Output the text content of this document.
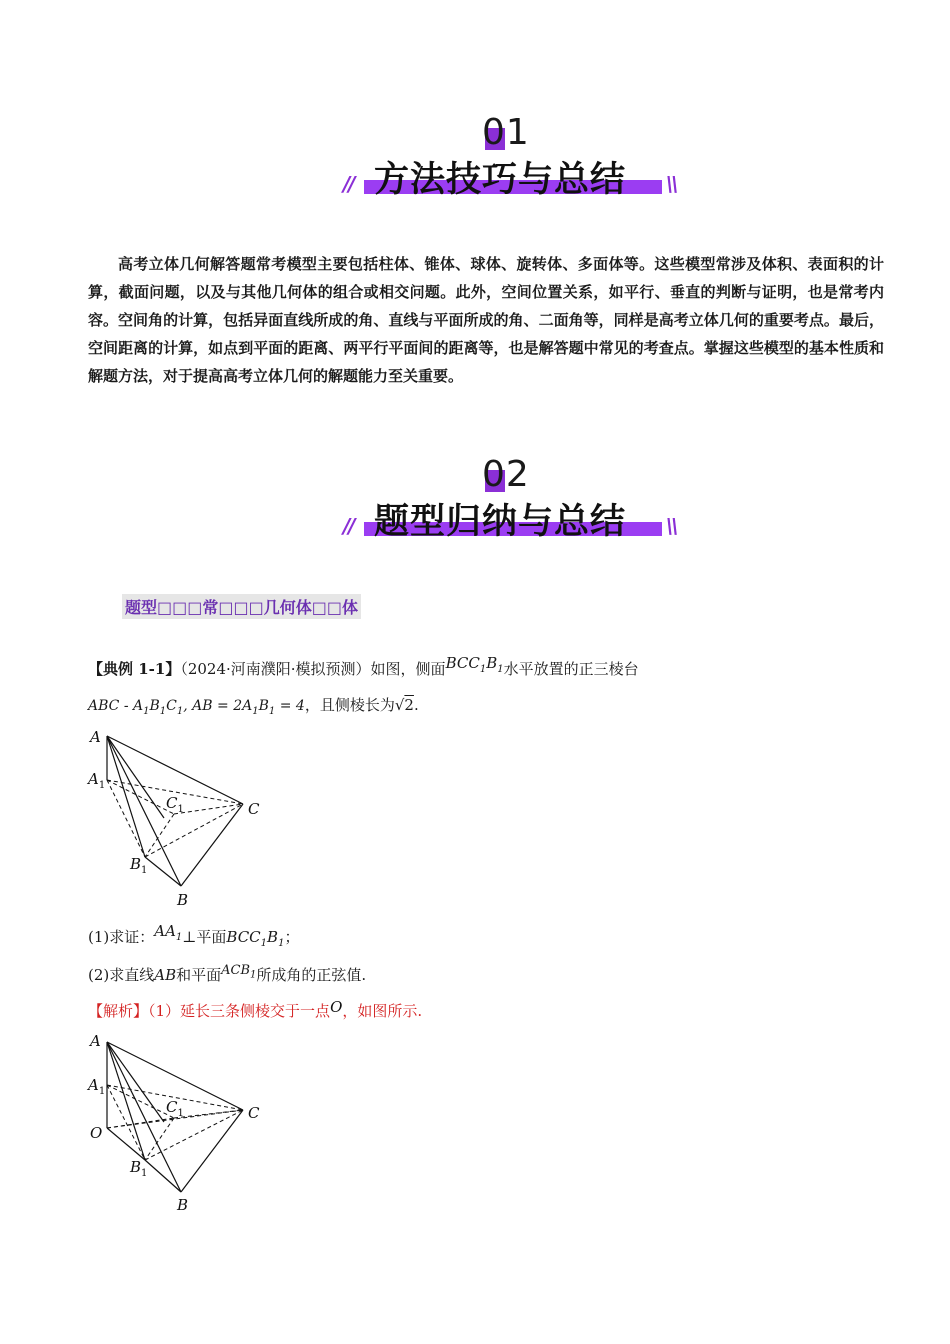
01
//	\\
方法技巧与总结
高考立体几何解答题常考模型主要包括柱体、锥体、球体、旋转体、多面体等。这些模型常涉及体积、表面积的计算，截面问题，以及与其他几何体的组合或相交问题。此外，空间位置关系，如平行、垂直的判断与证明，也是常考内容。空间角的计算，包括异面直线所成的角、直线与平面所成的角、二面角等，同样是高考立体几何的重要考点。最后，空间距离的计算，如点到平面的距离、两平行平面间的距离等，也是解答题中常见的考查点。掌握这些模型的基本性质和解题方法，对于提高高考立体几何的解题能力至关重要。
02
//	\\
题型归纳与总结
题型□□□常□□□几何体□□体
【典例 1-1】（2024·河南濮阳·模拟预测）如图，侧面$BCC_1B_1$水平放置的正三棱台
ABC - $A_1B_1C_1$, AB = $2A_1B_1 = 4$，且侧棱长为√2.
A
$A_1$
$C_1$	C
$B_1$
B
(1)求证：$AA_1\perp$平面$BCC_1B_1$；
(2)求直线AB和平面$ACB_1$所成角的正弦值.
【解析】（1）延长三条侧棱交于一点O，如图所示.
A
$A_1$
$C_1$	C
O
$B_1$
B
